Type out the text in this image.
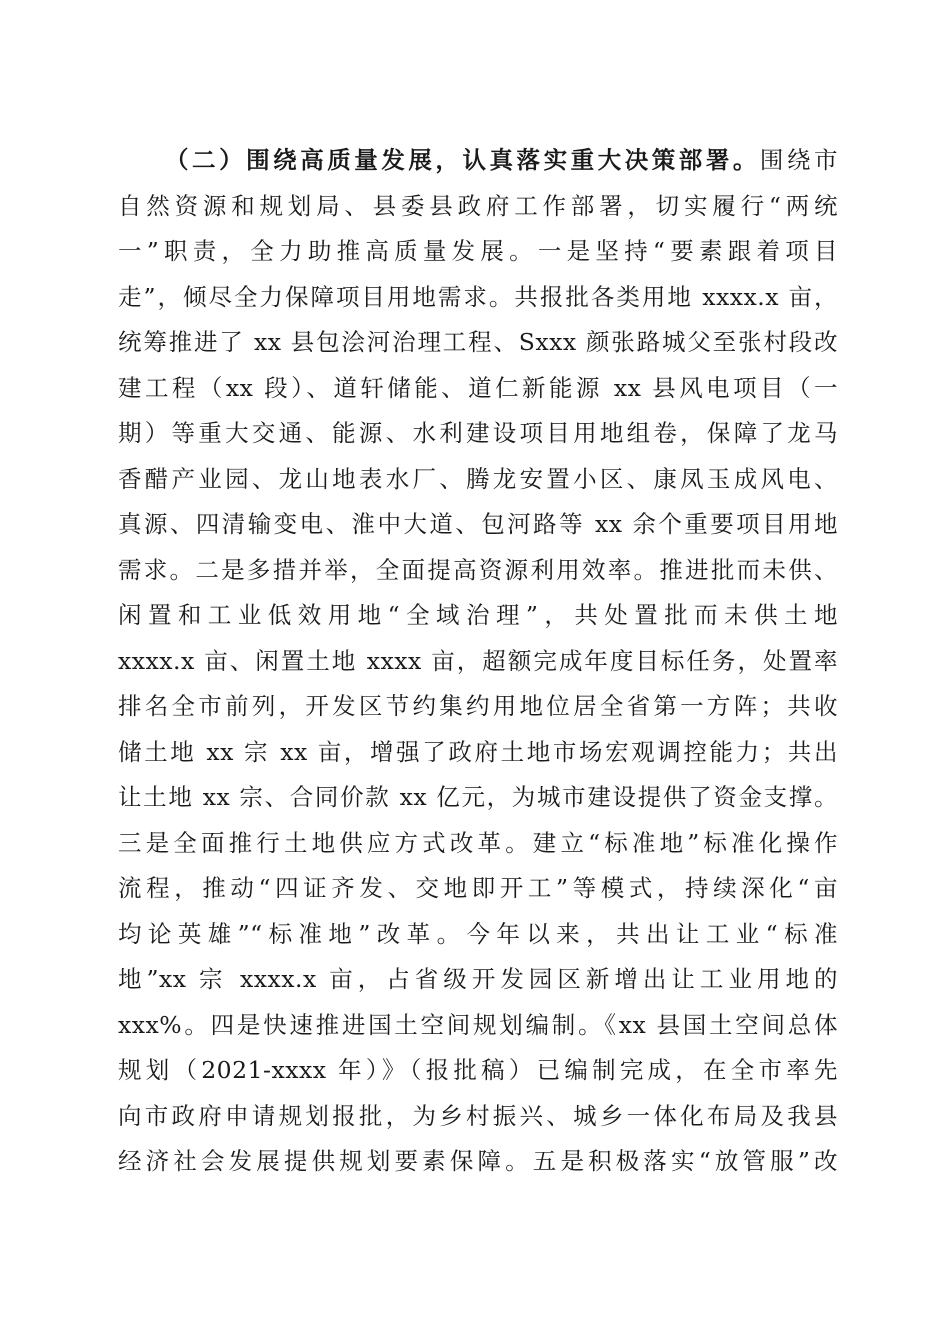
（二）围绕高质量发展，认真落实重大决策部署。围绕市
自然资源和规划局、县委县政府工作部署，切实履行“两统
一”职责，全力助推高质量发展。一是坚持“要素跟着项目
走”，倾尽全力保障项目用地需求。共报批各类用地 xxxx.x 亩，
统筹推进了 xx 县包浍河治理工程、Sxxx 颜张路城父至张村段改
建工程（xx 段）、道轩储能、道仁新能源 xx 县风电项目（一
期）等重大交通、能源、水利建设项目用地组卷，保障了龙马
香醋产业园、龙山地表水厂、腾龙安置小区、康凤玉成风电、
真源、四清输变电、淮中大道、包河路等 xx 余个重要项目用地
需求。二是多措并举，全面提高资源利用效率。推进批而未供、
闲置和工业低效用地“全域治理”，共处置批而未供土地
xxxx.x 亩、闲置土地 xxxx 亩，超额完成年度目标任务，处置率
排名全市前列，开发区节约集约用地位居全省第一方阵；共收
储土地 xx 宗 xx 亩，增强了政府土地市场宏观调控能力；共出
让土地 xx 宗、合同价款 xx 亿元，为城市建设提供了资金支撑。
三是全面推行土地供应方式改革。建立“标准地”标准化操作
流程，推动“四证齐发、交地即开工”等模式，持续深化“亩
均论英雄”“标准地”改革。今年以来，共出让工业“标准
地”xx 宗 xxxx.x 亩，占省级开发园区新增出让工业用地的
xxx%。四是快速推进国土空间规划编制。《xx 县国土空间总体
规划（2021-xxxx 年）》（报批稿）已编制完成，在全市率先
向市政府申请规划报批，为乡村振兴、城乡一体化布局及我县
经济社会发展提供规划要素保障。五是积极落实“放管服”改
